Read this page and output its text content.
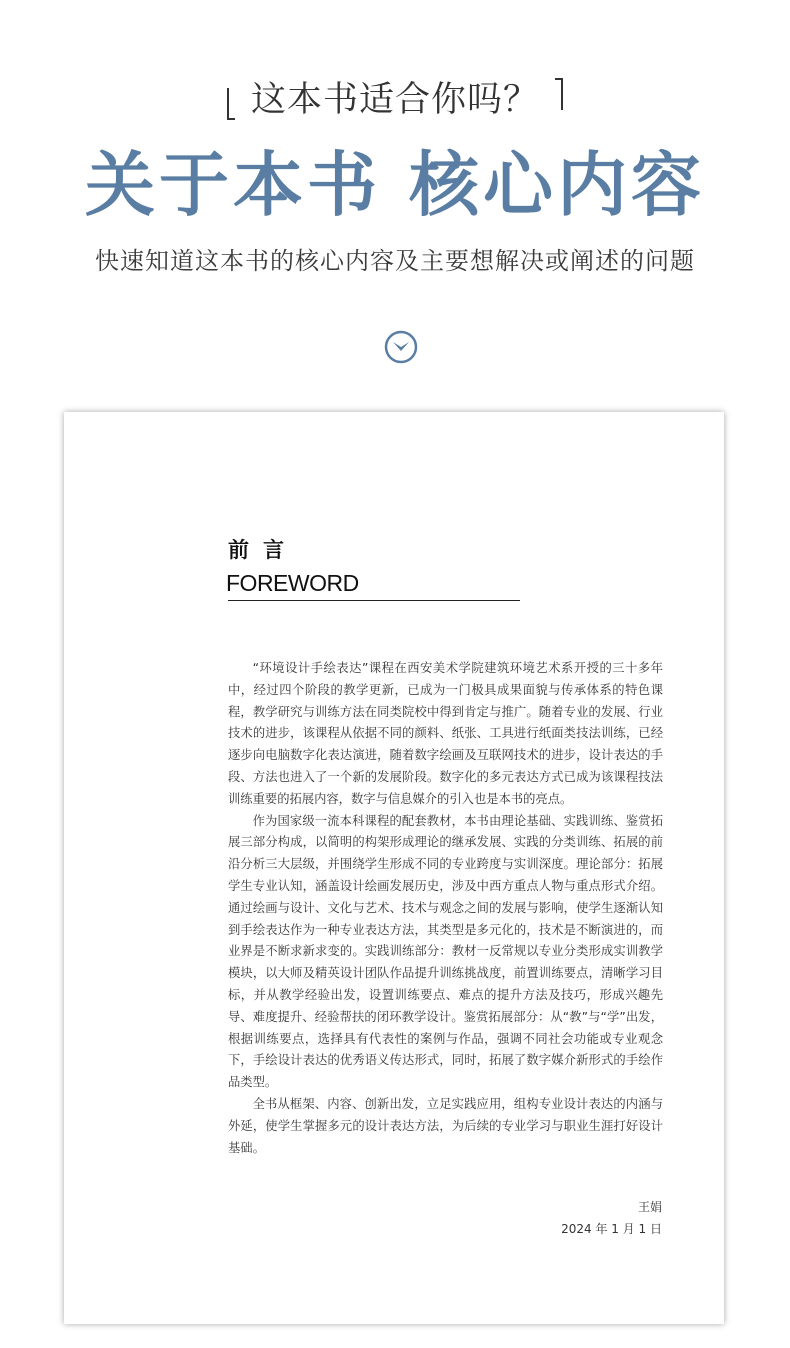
这本书适合你吗？
关于本书 核心内容
快速知道这本书的核心内容及主要想解决或阐述的问题
前言
FOREWORD

“环境设计手绘表达”课程在西安美术学院建筑环境艺术系开授的三十多年中，经过四个阶段的教学更新，已成为一门极具成果面貌与传承体系的特色课程，教学研究与训练方法在同类院校中得到肯定与推广。随着专业的发展、行业技术的进步，该课程从依据不同的颜料、纸张、工具进行纸面类技法训练，已经逐步向电脑数字化表达演进，随着数字绘画及互联网技术的进步，设计表达的手段、方法也进入了一个新的发展阶段。数字化的多元表达方式已成为该课程技法训练重要的拓展内容，数字与信息媒介的引入也是本书的亮点。

作为国家级一流本科课程的配套教材，本书由理论基础、实践训练、鉴赏拓展三部分构成，以简明的构架形成理论的继承发展、实践的分类训练、拓展的前沿分析三大层级，并围绕学生形成不同的专业跨度与实训深度。理论部分：拓展学生专业认知，涵盖设计绘画发展历史，涉及中西方重点人物与重点形式介绍。通过绘画与设计、文化与艺术、技术与观念之间的发展与影响，使学生逐渐认知到手绘表达作为一种专业表达方法，其类型是多元化的，技术是不断演进的，而业界是不断求新求变的。实践训练部分：教材一反常规以专业分类形成实训教学模块，以大师及精英设计团队作品提升训练挑战度，前置训练要点，清晰学习目标，并从教学经验出发，设置训练要点、难点的提升方法及技巧，形成兴趣先导、难度提升、经验帮扶的闭环教学设计。鉴赏拓展部分：从“教”与“学”出发，根据训练要点，选择具有代表性的案例与作品，强调不同社会功能或专业观念下，手绘设计表达的优秀语义传达形式，同时，拓展了数字媒介新形式的手绘作品类型。

全书从框架、内容、创新出发，立足实践应用，组构专业设计表达的内涵与外延，使学生掌握多元的设计表达方法，为后续的专业学习与职业生涯打好设计基础。

王娟
2024 年 1 月 1 日
